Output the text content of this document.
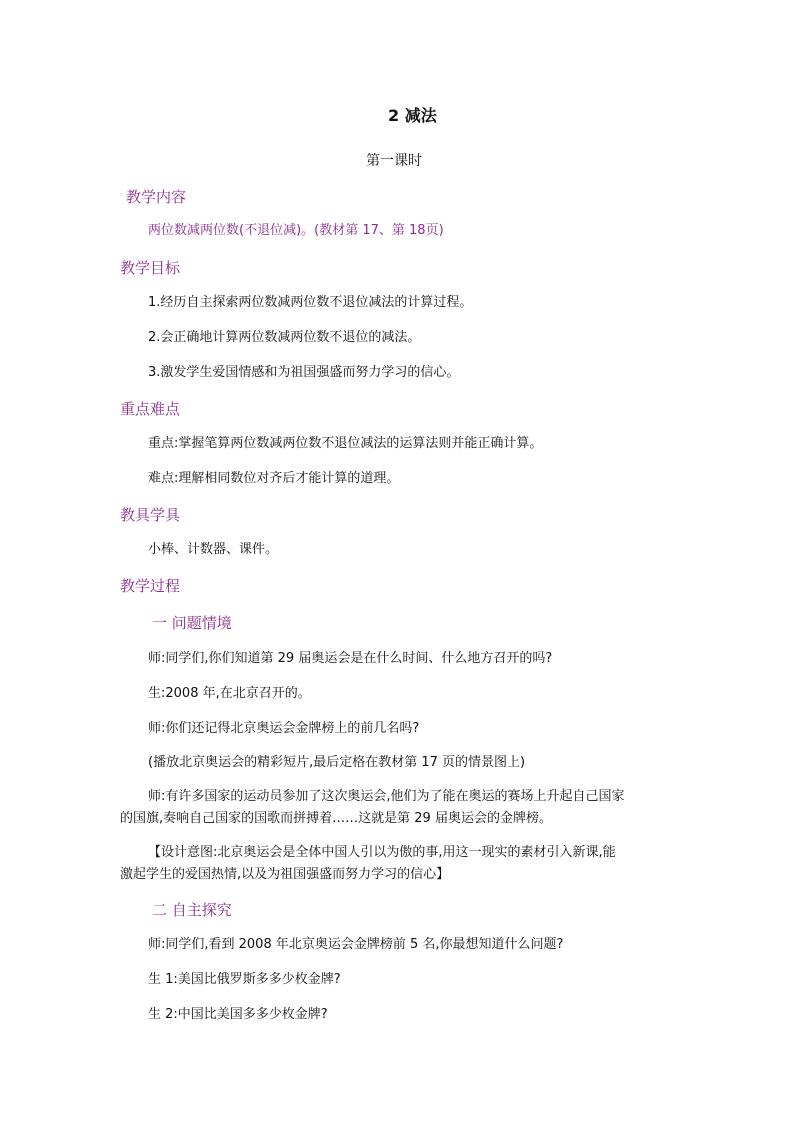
2 减法
第一课时
教学内容
两位数减两位数(不退位减)。(教材第 17、第 18页)
教学目标
1.经历自主探索两位数减两位数不退位减法的计算过程。
2.会正确地计算两位数减两位数不退位的减法。
3.激发学生爱国情感和为祖国强盛而努力学习的信心。
重点难点
重点:掌握笔算两位数减两位数不退位减法的运算法则并能正确计算。
难点:理解相同数位对齐后才能计算的道理。
教具学具
小棒、计数器、课件。
教学过程
一 问题情境
师:同学们,你们知道第 29 届奥运会是在什么时间、什么地方召开的吗?
生:2008 年,在北京召开的。
师:你们还记得北京奥运会金牌榜上的前几名吗?
(播放北京奥运会的精彩短片,最后定格在教材第 17 页的情景图上)
师:有许多国家的运动员参加了这次奥运会,他们为了能在奥运的赛场上升起自己国家的国旗,奏响自己国家的国歌而拼搏着……这就是第 29 届奥运会的金牌榜。
【设计意图:北京奥运会是全体中国人引以为傲的事,用这一现实的素材引入新课,能激起学生的爱国热情,以及为祖国强盛而努力学习的信心】
二 自主探究
师:同学们,看到 2008 年北京奥运会金牌榜前 5 名,你最想知道什么问题?
生 1:美国比俄罗斯多多少枚金牌?
生 2:中国比美国多多少枚金牌?
